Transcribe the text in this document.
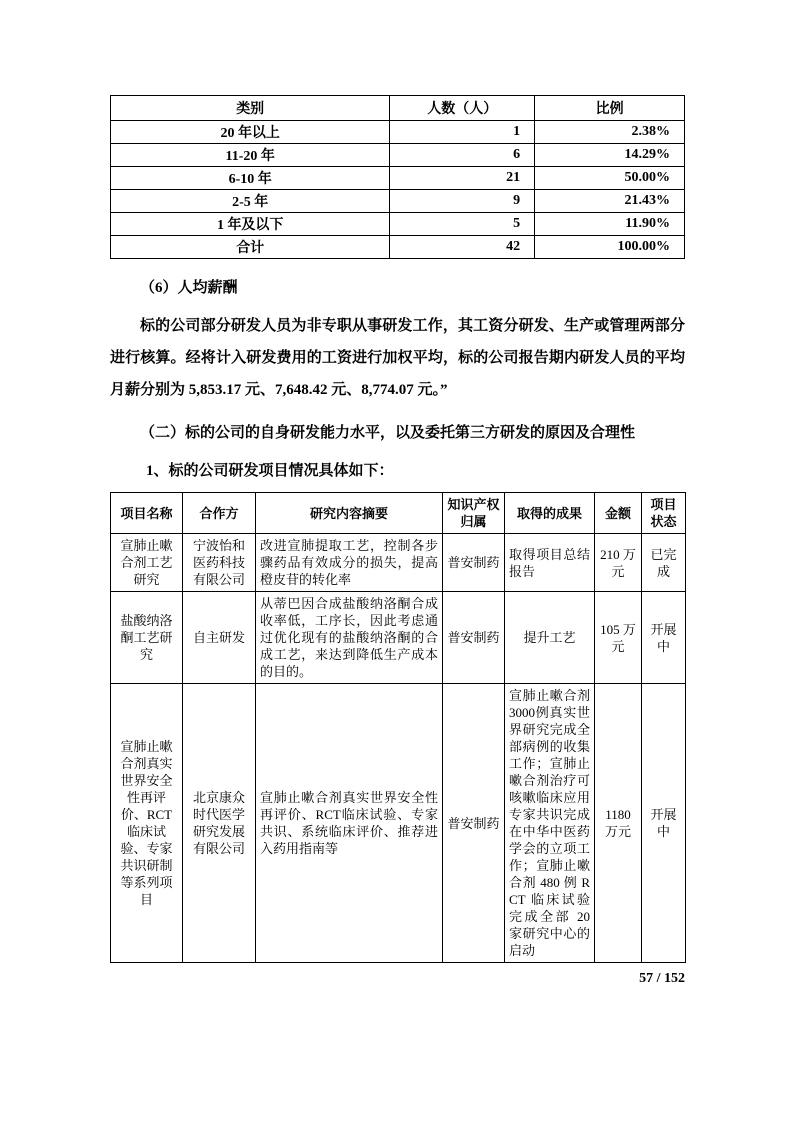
类别	人数（人）	比例
20 年以上	1	2.38%
11-20 年	6	14.29%
6-10 年	21	50.00%
2-5 年	9	21.43%
1 年及以下	5	11.90%
合计	42	100.00%
（6）人均薪酬
标的公司部分研发人员为非专职从事研发工作，其工资分研发、生产或管理两部分进行核算。经将计入研发费用的工资进行加权平均，标的公司报告期内研发人员的平均月薪分别为 5,853.17 元、7,648.42 元、8,774.07 元。”
（二）标的公司的自身研发能力水平，以及委托第三方研发的原因及合理性
1、标的公司研发项目情况具体如下：
项目名称	合作方	研究内容摘要	知识产权归属	取得的成果	金额	项目状态
宣肺止嗽合剂工艺研究	宁波怡和医药科技有限公司	改进宣肺提取工艺，控制各步骤药品有效成分的损失，提高橙皮苷的转化率	普安制药	取得项目总结报告	210 万元	已完成
盐酸纳洛酮工艺研究	自主研发	从蒂巴因合成盐酸纳洛酮合成收率低，工序长，因此考虑通过优化现有的盐酸纳洛酮的合成工艺，来达到降低生产成本的目的。	普安制药	提升工艺	105 万元	开展中
宣肺止嗽合剂真实世界安全性再评价、RCT临床试验、专家共识研制等系列项目	北京康众时代医学研究发展有限公司	宣肺止嗽合剂真实世界安全性再评价、RCT临床试验、专家共识、系统临床评价、推荐进入药用指南等	普安制药	宣肺止嗽合剂3000例真实世界研究完成全部病例的收集工作；宣肺止嗽合剂治疗可咳嗽临床应用专家共识完成在中华中医药学会的立项工作；宣肺止嗽合剂 480 例 RCT 临床试验完成全部 20 家研究中心的启动	1180 万元	开展中
57 / 152
